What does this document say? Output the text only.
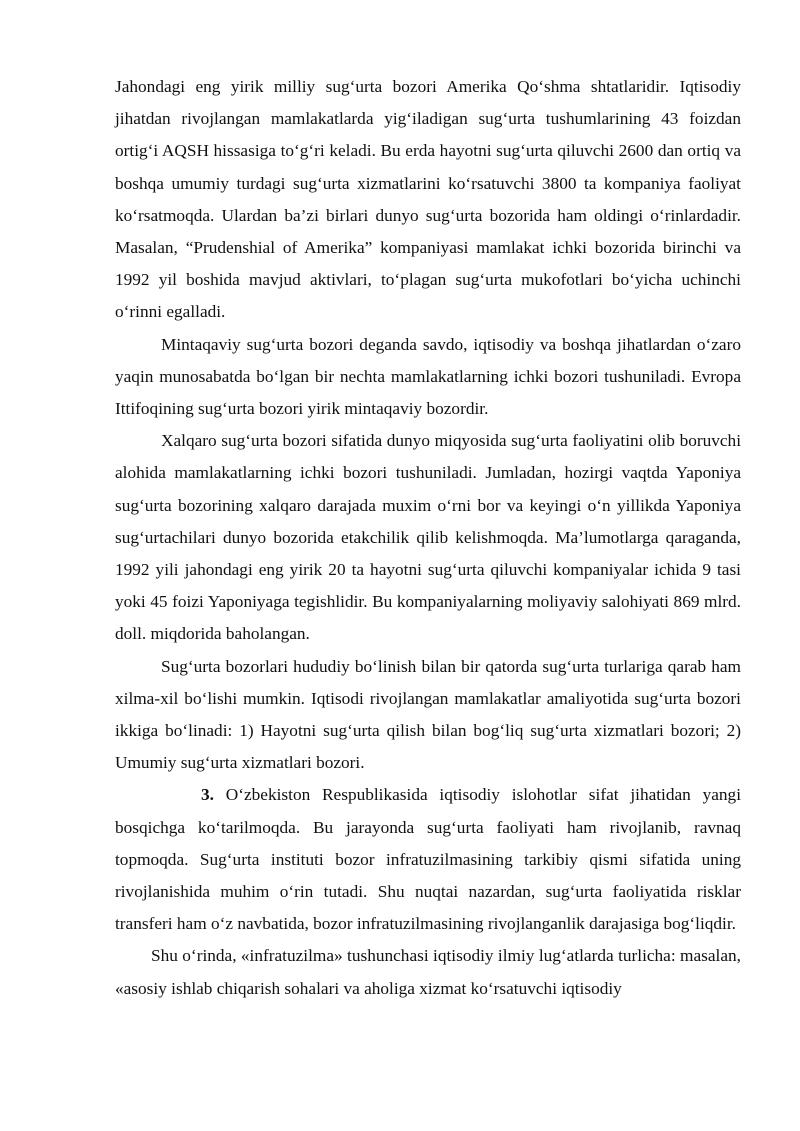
Jahondagi eng yirik milliy sug‘urta bozori Amerika Qo‘shma shtatlaridir. Iqtisodiy jihatdan rivojlangan mamlakatlarda yig‘iladigan sug‘urta tushumlarining 43 foizdan ortig‘i AQSH hissasiga to‘g‘ri keladi. Bu erda hayotni sug‘urta qiluvchi 2600 dan ortiq va boshqa umumiy turdagi sug‘urta xizmatlarini ko‘rsatuvchi 3800 ta kompaniya faoliyat ko‘rsatmoqda. Ulardan ba’zi birlari dunyo sug‘urta bozorida ham oldingi o‘rinlardadir. Masalan, “Prudenshial of Amerika” kompaniyasi mamlakat ichki bozorida birinchi va 1992 yil boshida mavjud aktivlari, to‘plagan sug‘urta mukofotlari bo‘yicha uchinchi o‘rinni egalladi.

Mintaqaviy sug‘urta bozori deganda savdo, iqtisodiy va boshqa jihatlardan o‘zaro yaqin munosabatda bo‘lgan bir nechta mamlakatlarning ichki bozori tushuniladi. Evropa Ittifoqining sug‘urta bozori yirik mintaqaviy bozordir.

Xalqaro sug‘urta bozori sifatida dunyo miqyosida sug‘urta faoliyatini olib boruvchi alohida mamlakatlarning ichki bozori tushuniladi. Jumladan, hozirgi vaqtda Yaponiya sug‘urta bozorining xalqaro darajada muxim o‘rni bor va keyingi o‘n yillikda Yaponiya sug‘urtachilari dunyo bozorida etakchilik qilib kelishmoqda. Ma’lumotlarga qaraganda, 1992 yili jahondagi eng yirik 20 ta hayotni sug‘urta qiluvchi kompaniyalar ichida 9 tasi yoki 45 foizi Yaponiyaga tegishlidir. Bu kompaniyalarning moliyaviy salohiyati 869 mlrd. doll. miqdorida baholangan.

Sug‘urta bozorlari hududiy bo‘linish bilan bir qatorda sug‘urta turlariga qarab ham xilma-xil bo‘lishi mumkin. Iqtisodi rivojlangan mamlakatlar amaliyotida sug‘urta bozori ikkiga bo‘linadi: 1) Hayotni sug‘urta qilish bilan bog‘liq sug‘urta xizmatlari bozori; 2) Umumiy sug‘urta xizmatlari bozori.

3. O‘zbekiston Respublikasida iqtisodiy islohotlar sifat jihatidan yangi bosqichga ko‘tarilmoqda. Bu jarayonda sug‘urta faoliyati ham rivojlanib, ravnaq topmoqda. Sug‘urta instituti bozor infratuzilmasining tarkibiy qismi sifatida uning rivojlanishida muhim o‘rin tutadi. Shu nuqtai nazardan, sug‘urta faoliyatida risklar transferi ham o‘z navbatida, bozor infratuzilmasining rivojlanganlik darajasiga bog‘liqdir.

Shu o‘rinda, «infratuzilma» tushunchasi iqtisodiy ilmiy lug‘atlarda turlicha: masalan, «asosiy ishlab chiqarish sohalari va aholiga xizmat ko‘rsatuvchi iqtisodiy
